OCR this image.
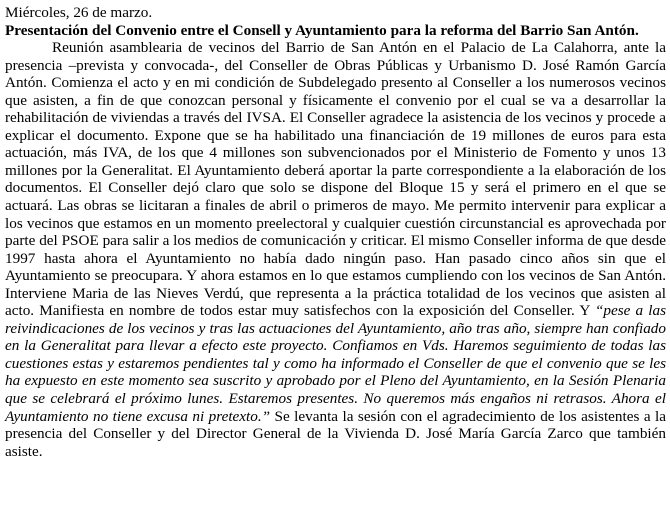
Miércoles, 26 de marzo.
Presentación del Convenio entre el Consell y Ayuntamiento para la reforma del Barrio San Antón.

Reunión asamblearia de vecinos del Barrio de San Antón en el Palacio de La Calahorra, ante la presencia –prevista y convocada-, del Conseller de Obras Públicas y Urbanismo D. José Ramón García Antón. Comienza el acto y en mi condición de Subdelegado presento al Conseller a los numerosos vecinos que asisten, a fin de que conozcan personal y físicamente el convenio por el cual se va a desarrollar la rehabilitación de viviendas a través del IVSA. El Conseller agradece la asistencia de los vecinos y procede a explicar el documento. Expone que se ha habilitado una financiación de 19 millones de euros para esta actuación, más IVA, de los que 4 millones son subvencionados por el Ministerio de Fomento y unos 13 millones por la Generalitat. El Ayuntamiento deberá aportar la parte correspondiente a la elaboración de los documentos. El Conseller dejó claro que solo se dispone del Bloque 15 y será el primero en el que se actuará. Las obras se licitaran a finales de abril o primeros de mayo. Me permito intervenir para explicar a los vecinos que estamos en un momento preelectoral y cualquier cuestión circunstancial es aprovechada por parte del PSOE para salir a los medios de comunicación y criticar. El mismo Conseller informa de que desde 1997 hasta ahora el Ayuntamiento no había dado ningún paso. Han pasado cinco años sin que el Ayuntamiento se preocupara. Y ahora estamos en lo que estamos cumpliendo con los vecinos de San Antón. Interviene Maria de las Nieves Verdú, que representa a la práctica totalidad de los vecinos que asisten al acto. Manifiesta en nombre de todos estar muy satisfechos con la exposición del Conseller. Y “pese a las reivindicaciones de los vecinos y tras las actuaciones del Ayuntamiento, año tras año, siempre han confiado en la Generalitat para llevar a efecto este proyecto. Confiamos en Vds. Haremos seguimiento de todas las cuestiones estas y estaremos pendientes tal y como ha informado el Conseller de que el convenio que se les ha expuesto en este momento sea suscrito y aprobado por el Pleno del Ayuntamiento, en la Sesión Plenaria que se celebrará el próximo lunes. Estaremos presentes. No queremos más engaños ni retrasos. Ahora el Ayuntamiento no tiene excusa ni pretexto.” Se levanta la sesión con el agradecimiento de los asistentes a la presencia del Conseller y del Director General de la Vivienda D. José María García Zarco que también asiste.
